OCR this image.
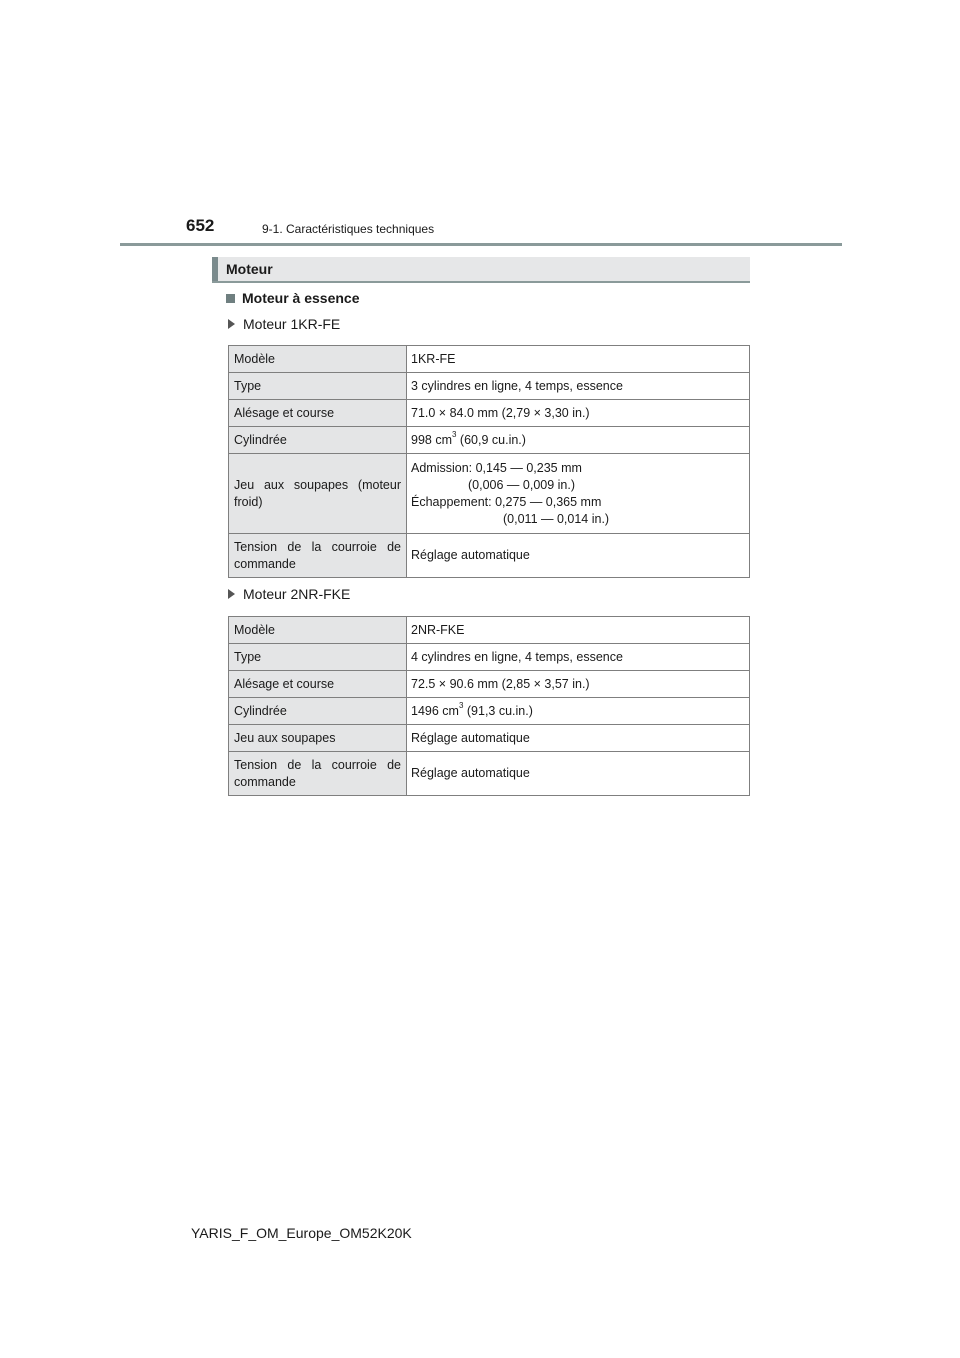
652	9-1. Caractéristiques techniques
Moteur
Moteur à essence
Moteur 1KR-FE
Modèle	1KR-FE
Type	3 cylindres en ligne, 4 temps, essence
Alésage et course	71.0 × 84.0 mm (2,79 × 3,30 in.)
Cylindrée	998 $cm^3$ (60,9 cu.in.)
Jeu aux soupapes (moteur froid)	Admission: 0,145 — 0,235 mm
(0,006 — 0,009 in.)
Échappement: 0,275 — 0,365 mm
(0,011 — 0,014 in.)

Tension de la courroie de commande	Réglage automatique
Moteur 2NR-FKE
Modèle	2NR-FKE
Type	4 cylindres en ligne, 4 temps, essence
Alésage et course	72.5 × 90.6 mm (2,85 × 3,57 in.)
Cylindrée	1496 $cm^3$ (91,3 cu.in.)
Jeu aux soupapes	Réglage automatique
Tension de la courroie de commande	Réglage automatique
YARIS_F_OM_Europe_OM52K20K
